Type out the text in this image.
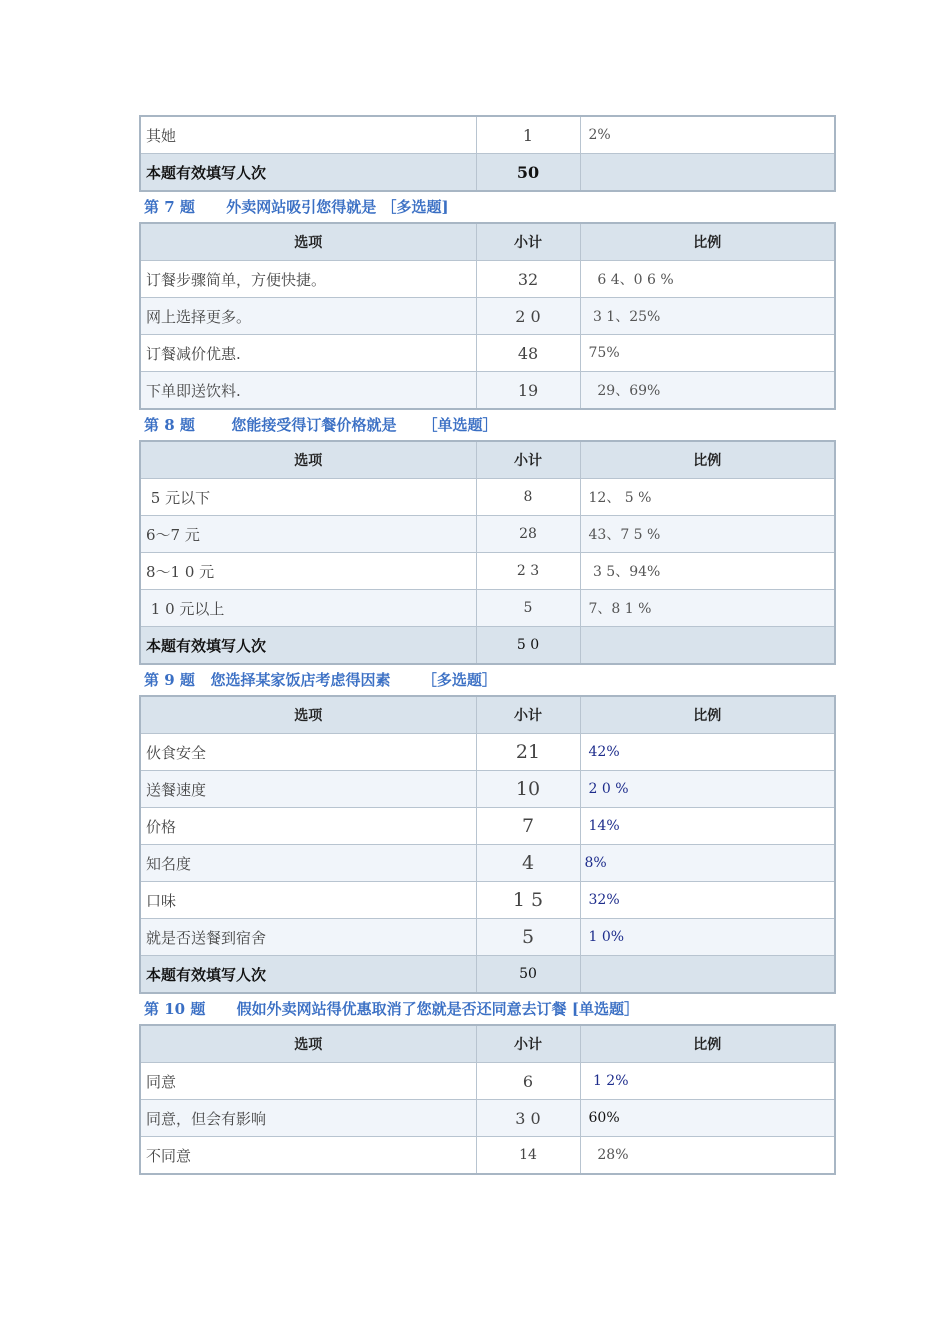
其她	1	2%
本题有效填写人次	50	
第 7 题      外卖网站吸引您得就是 ［多选题]
选项	小计	比例
订餐步骤简单，方便快捷。	32	6 4、0 6 %
网上选择更多。	2 0	3 1、25%
订餐减价优惠.	48	75%
下单即送饮料.	19	29、69%
第 8 题       您能接受得订餐价格就是     ［单选题］
选项	小计	比例
5 元以下	8	12、 5 %
6～7 元	28	43、7 5 %
8～1 0 元	2 3	3 5、94%
1 0 元以上	5	7、8 1 %
本题有效填写人次	5 0	
第 9 题   您选择某家饭店考虑得因素      ［多选题］
选项	小计	比例
伙食安全	21	42%
送餐速度	10	2 0 %
价格	7	14%
知名度	4	8%
口味	1 5	32%
就是否送餐到宿舍	5	1 0%
本题有效填写人次	50	
第 10 题      假如外卖网站得优惠取消了您就是否还同意去订餐 [单选题］
选项	小计	比例
同意	6	1 2%
同意，但会有影响	3 0	60%
不同意	14	28%
